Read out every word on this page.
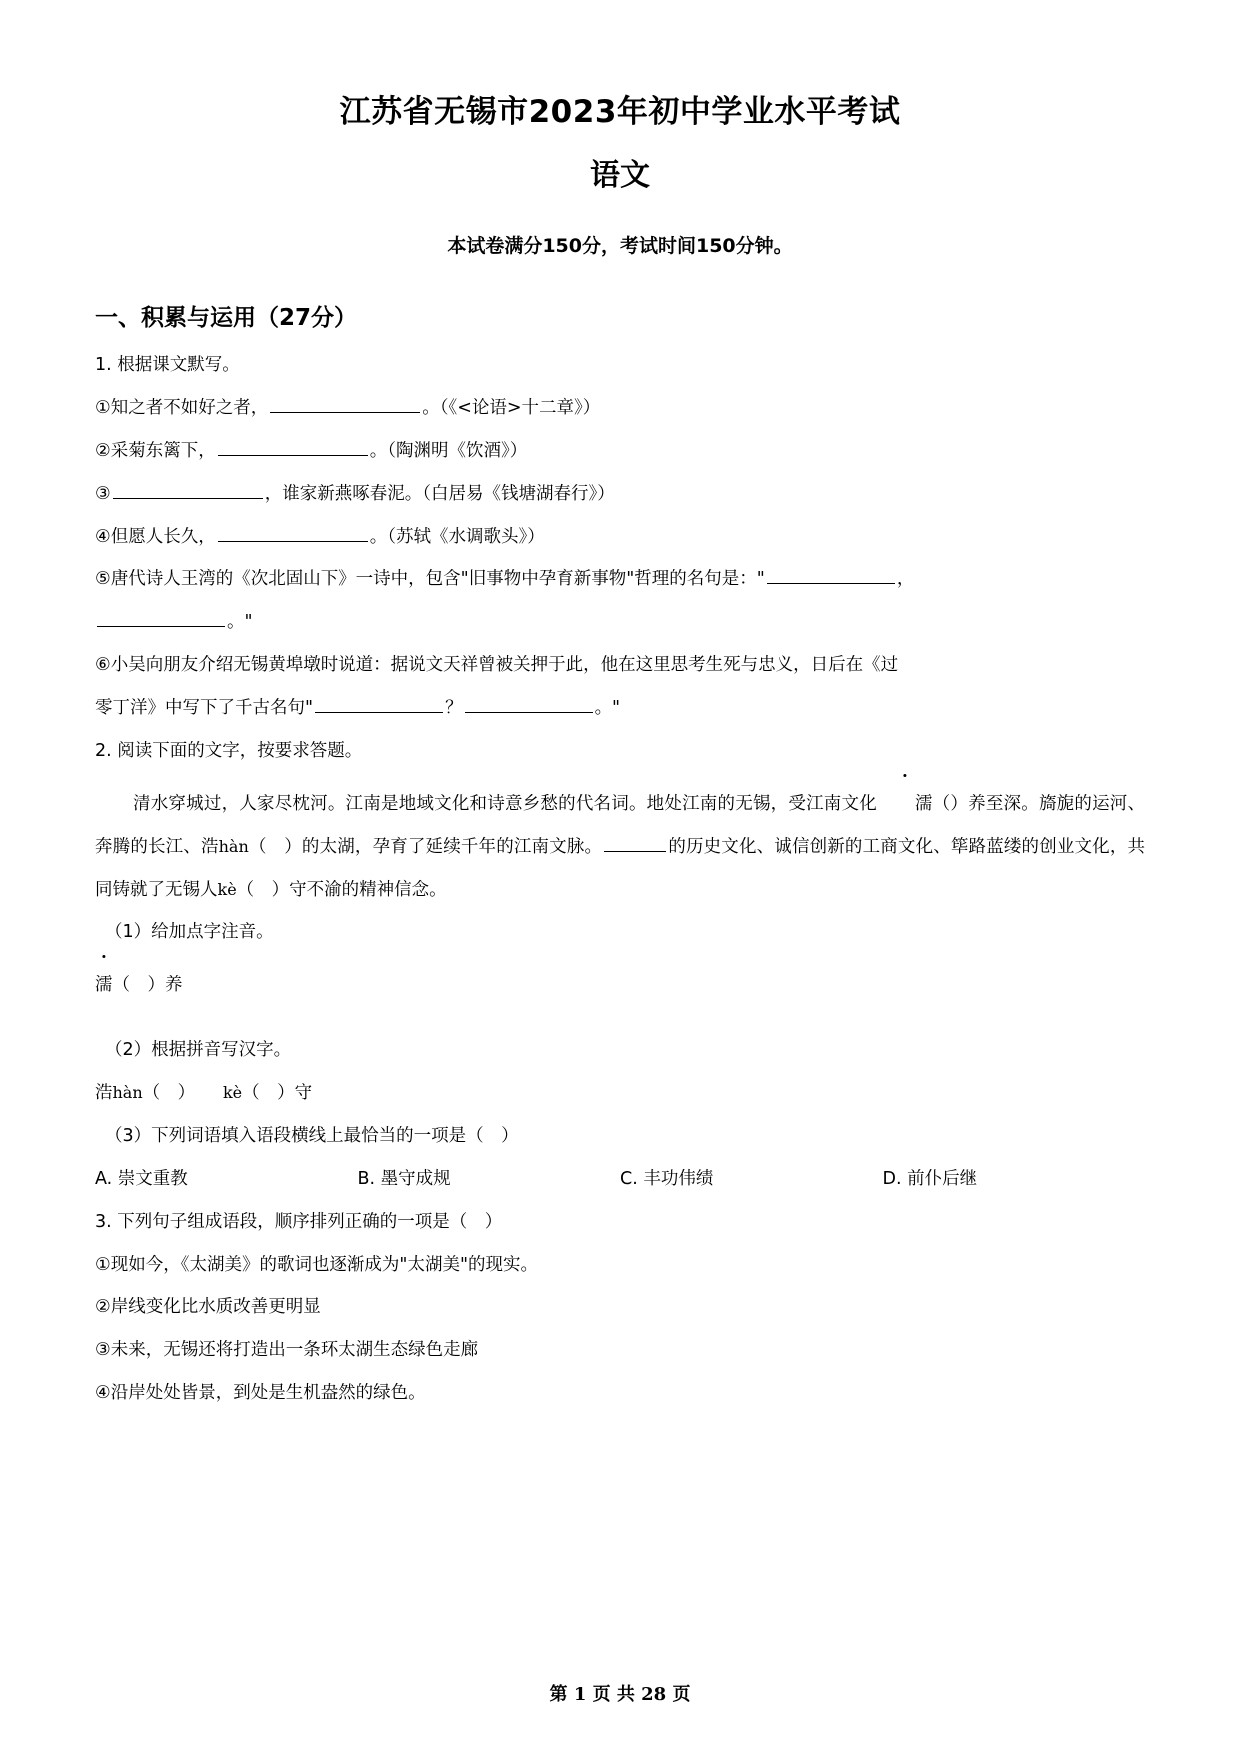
江苏省无锡市2023年初中学业水平考试
语文
本试卷满分150分，考试时间150分钟。
一、积累与运用（27分）

1. 根据课文默写。

①知之者不如好之者，	。（《<论语>十二章》）

②采菊东篱下，	。（陶渊明《饮酒》）

③	，谁家新燕啄春泥。（白居易《钱塘湖春行》）

④但愿人长久，	。（苏轼《水调歌头》）

⑤唐代诗人王湾的《次北固山下》一诗中，包含"旧事物中孕育新事物"哲理的名句是："	，

。"

⑥小吴向朋友介绍无锡黄埠墩时说道：据说文天祥曾被关押于此，他在这里思考生死与忠义，日后在《过

零丁洋》中写下了千古名句"	？	。"

2. 阅读下面的文字，按要求答题。

清水穿城过，人家尽枕河。江南是地域文化和诗意乡愁的代名词。地处江南的无锡，受江南文化 濡（）养至深。旖旎的运河、奔腾的长江、浩hàn（　）的太湖，孕育了延续千年的江南文脉。	的历史文化、诚信创新的工商文化、筚路蓝缕的创业文化，共同铸就了无锡人kè（　）守不渝的精神信念。

（1）给加点字注音。

濡（　）养

（2）根据拼音写汉字。

浩hàn（　） kè（　）守

（3）下列词语填入语段横线上最恰当的一项是（　）

A. 崇文重教	B. 墨守成规	C. 丰功伟绩	D. 前仆后继

3. 下列句子组成语段，顺序排列正确的一项是（　）

①现如今，《太湖美》的歌词也逐渐成为"太湖美"的现实。

②岸线变化比水质改善更明显

③未来，无锡还将打造出一条环太湖生态绿色走廊

④沿岸处处皆景，到处是生机盎然的绿色。

第 1 页 共 28 页
